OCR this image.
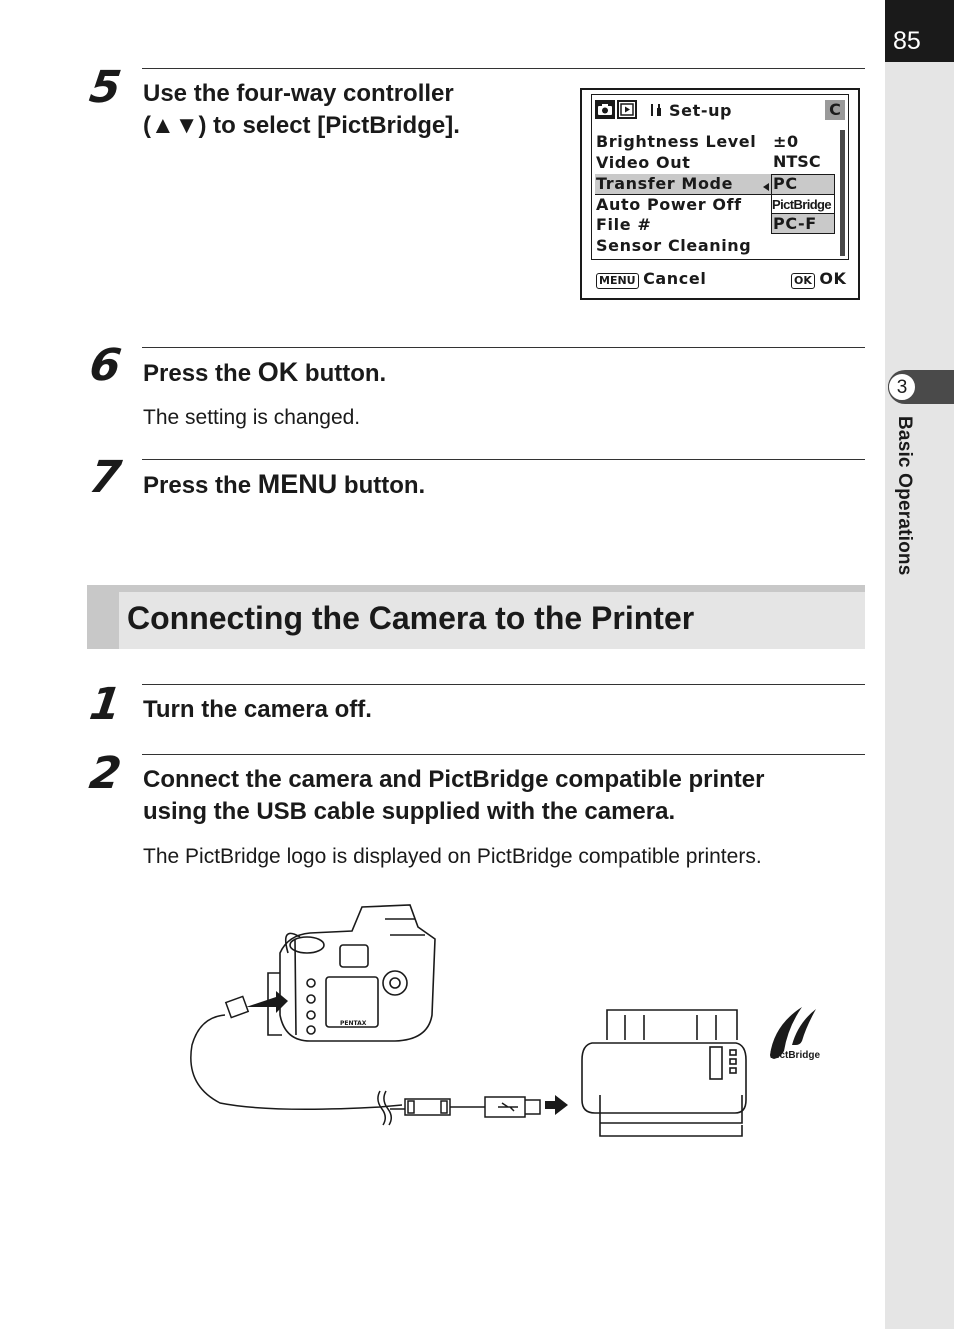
85
3
Basic Operations
5 Use the four-way controller
(▲▼) to select [PictBridge].
Set-up	C
Brightness Level
Video Out
Transfer Mode
Auto Power Off
File #
Sensor Cleaning
±0
NTSC
PC
PictBridge
PC-F
MENU Cancel	OK OK
6 Press the OK button.
The setting is changed.
7 Press the MENU button.
Connecting the Camera to the Printer
1 Turn the camera off.
2 Connect the camera and PictBridge compatible printer
using the USB cable supplied with the camera.
The PictBridge logo is displayed on PictBridge compatible printers.
PENTAX
PictBridge
